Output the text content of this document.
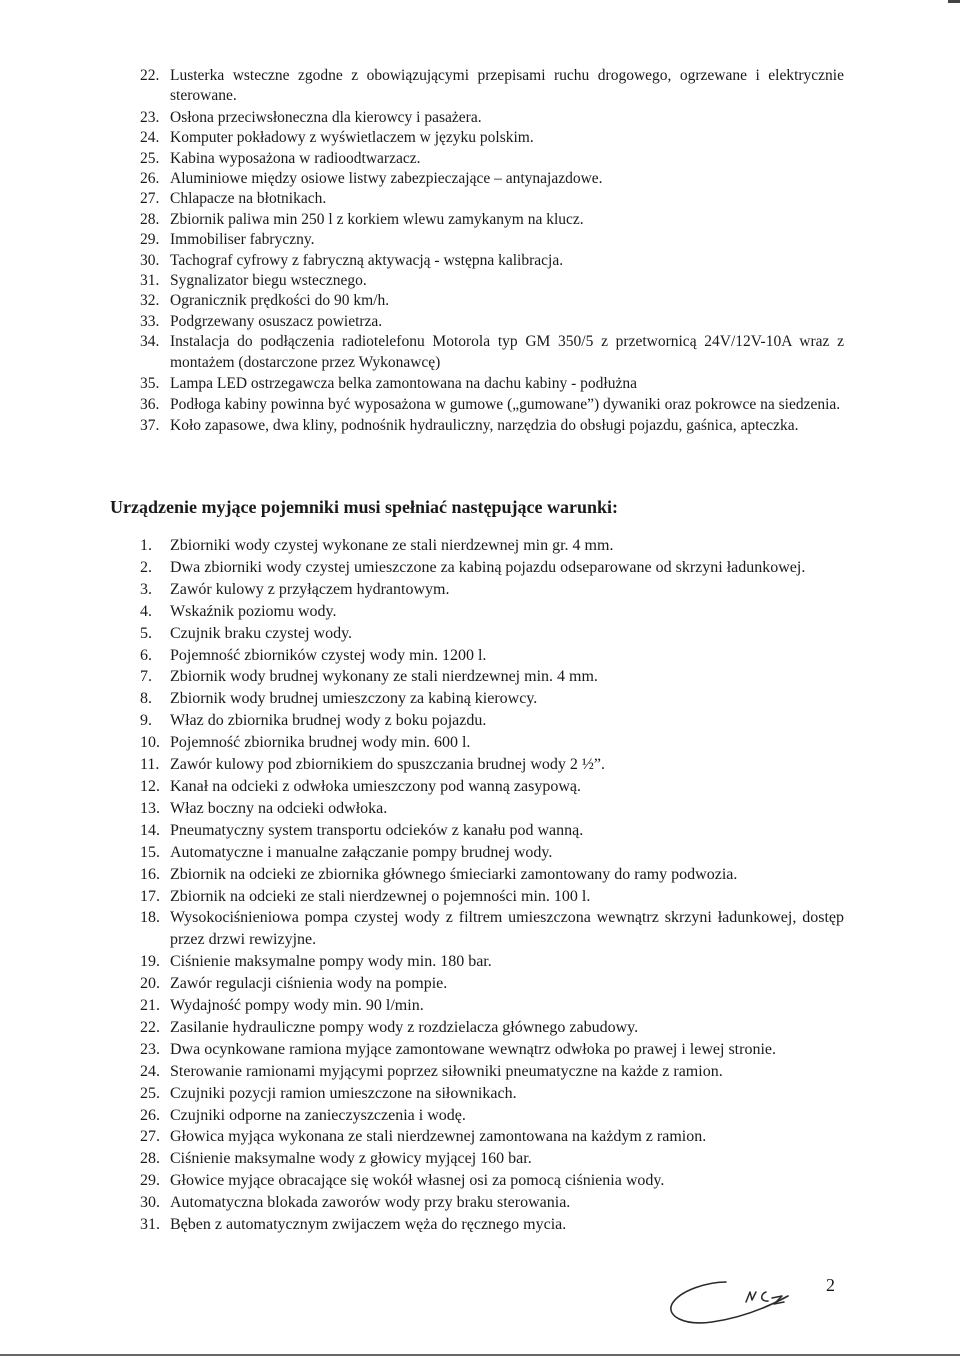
22. Lusterka wsteczne zgodne z obowiązującymi przepisami ruchu drogowego, ogrzewane i elektrycznie sterowane.
23. Osłona przeciwsłoneczna dla kierowcy i pasażera.
24. Komputer pokładowy z wyświetlaczem w języku polskim.
25. Kabina wyposażona w radioodtwarzacz.
26. Aluminiowe między osiowe listwy zabezpieczające – antynajazdowe.
27. Chlapacze na błotnikach.
28. Zbiornik paliwa min 250 l z korkiem wlewu zamykanym na klucz.
29. Immobiliser fabryczny.
30. Tachograf cyfrowy z fabryczną aktywacją - wstępna kalibracja.
31. Sygnalizator biegu wstecznego.
32. Ogranicznik prędkości do 90 km/h.
33. Podgrzewany osuszacz powietrza.
34. Instalacja do podłączenia radiotelefonu Motorola typ GM 350/5 z przetwornicą 24V/12V-10A wraz z montażem (dostarczone przez Wykonawcę)
35. Lampa LED ostrzegawcza belka zamontowana na dachu kabiny - podłużna
36. Podłoga kabiny powinna być wyposażona w gumowe („gumowane”) dywaniki oraz pokrowce na siedzenia.
37. Koło zapasowe, dwa kliny, podnośnik hydrauliczny, narzędzia do obsługi pojazdu, gaśnica, apteczka.
Urządzenie myjące pojemniki musi spełniać następujące warunki:
1. Zbiorniki wody czystej wykonane ze stali nierdzewnej min gr. 4 mm.
2. Dwa zbiorniki wody czystej umieszczone za kabiną pojazdu odseparowane od skrzyni ładunkowej.
3. Zawór kulowy z przyłączem hydrantowym.
4. Wskaźnik poziomu wody.
5. Czujnik braku czystej wody.
6. Pojemność zbiorników czystej wody min. 1200 l.
7. Zbiornik wody brudnej wykonany ze stali nierdzewnej min. 4 mm.
8. Zbiornik wody brudnej umieszczony za kabiną kierowcy.
9. Właz do zbiornika brudnej wody z boku pojazdu.
10. Pojemność zbiornika brudnej wody min. 600 l.
11. Zawór kulowy pod zbiornikiem do spuszczania brudnej wody 2 ½”.
12. Kanał na odcieki z odwłoka umieszczony pod wanną zasypową.
13. Właz boczny na odcieki odwłoka.
14. Pneumatyczny system transportu odcieków z kanału pod wanną.
15. Automatyczne i manualne załączanie pompy brudnej wody.
16. Zbiornik na odcieki ze zbiornika głównego śmieciarki zamontowany do ramy podwozia.
17. Zbiornik na odcieki ze stali nierdzewnej o pojemności min. 100 l.
18. Wysokociśnieniowa pompa czystej wody z filtrem umieszczona wewnątrz skrzyni ładunkowej, dostęp przez drzwi rewizyjne.
19. Ciśnienie maksymalne pompy wody min. 180 bar.
20. Zawór regulacji ciśnienia wody na pompie.
21. Wydajność pompy wody min. 90 l/min.
22. Zasilanie hydrauliczne pompy wody z rozdzielacza głównego zabudowy.
23. Dwa ocynkowane ramiona myjące zamontowane wewnątrz odwłoka po prawej i lewej stronie.
24. Sterowanie ramionami myjącymi poprzez siłowniki pneumatyczne na każde z ramion.
25. Czujniki pozycji ramion umieszczone na siłownikach.
26. Czujniki odporne na zanieczyszczenia i wodę.
27. Głowica myjąca wykonana ze stali nierdzewnej zamontowana na każdym z ramion.
28. Ciśnienie maksymalne wody z głowicy myjącej 160 bar.
29. Głowice myjące obracające się wokół własnej osi za pomocą ciśnienia wody.
30. Automatyczna blokada zaworów wody przy braku sterowania.
31. Bęben z automatycznym zwijaczem węża do ręcznego mycia.
2
